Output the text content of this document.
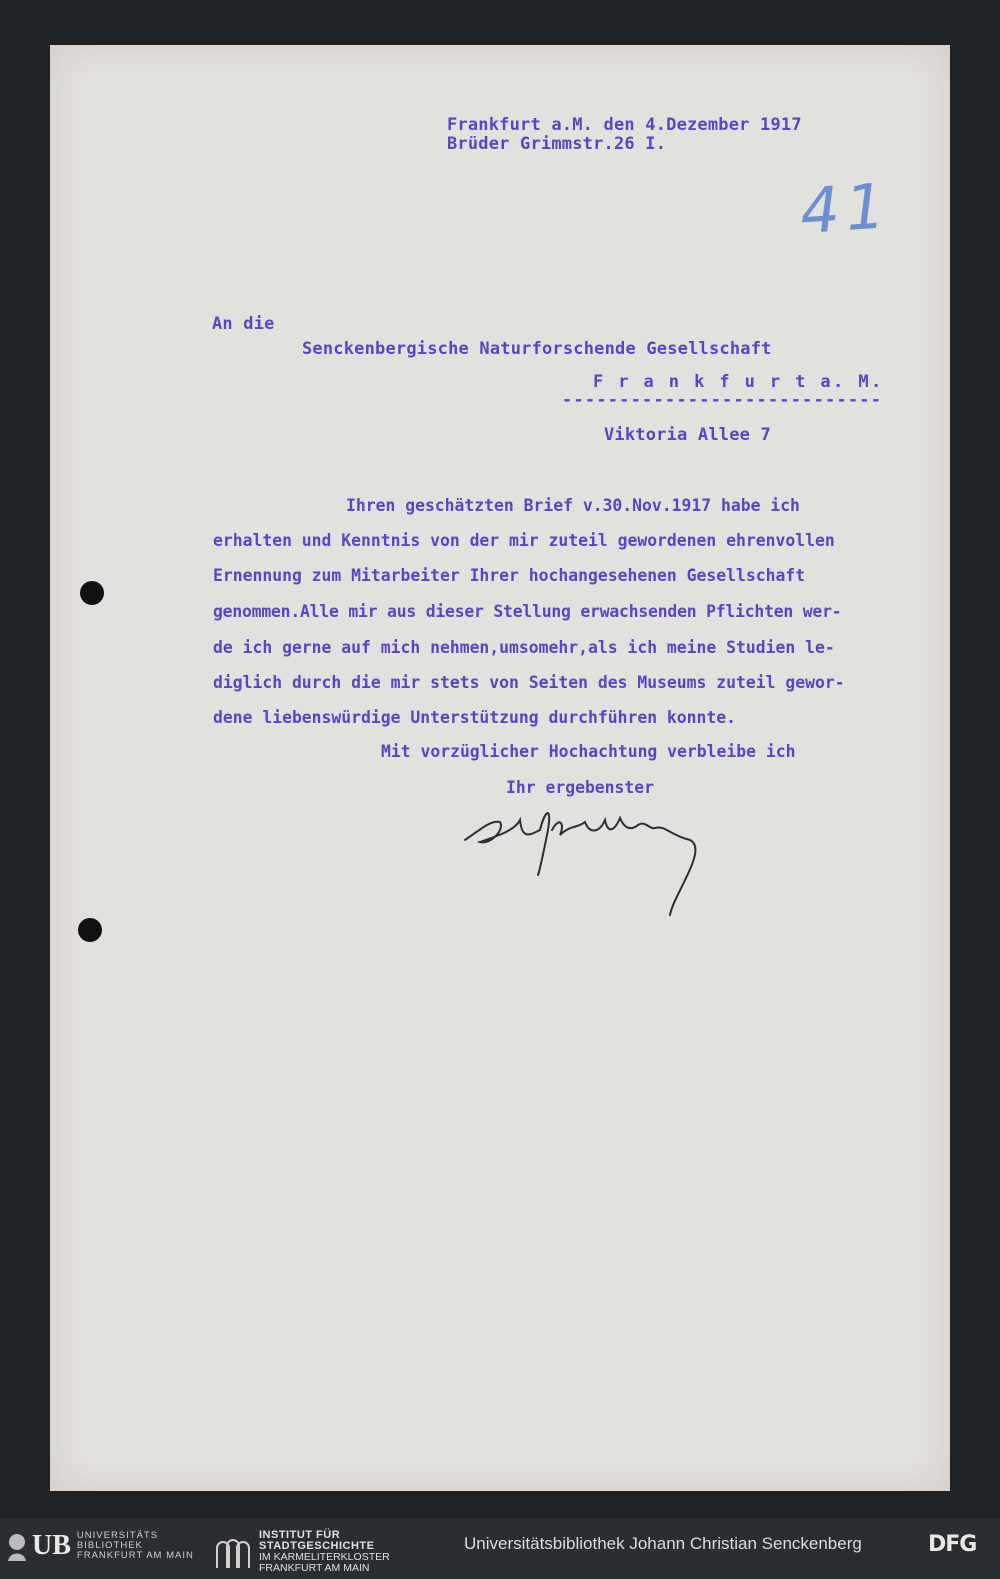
Frankfurt a.M. den 4.Dezember 1917
Brüder Grimmstr.26 I.
41
An die
Senckenbergische Naturforschende Gesellschaft
F r a n k f u r t a. M.
----------------------------
Viktoria Allee 7
Ihren geschätzten Brief v.30.Nov.1917 habe ich
erhalten und Kenntnis von der mir zuteil gewordenen ehrenvollen
Ernennung zum Mitarbeiter Ihrer hochangesehenen Gesellschaft
genommen.Alle mir aus dieser Stellung erwachsenden Pflichten wer-
de ich gerne auf mich nehmen,umsomehr,als ich meine Studien le-
diglich durch die mir stets von Seiten des Museums zuteil gewor-
dene liebenswürdige Unterstützung durchführen konnte.
Mit vorzüglicher Hochachtung verbleibe ich
Ihr ergebenster
UB UNIVERSITÄTS
BIBLIOTHEK
FRANKFURT AM MAIN
INSTITUT FÜR
STADTGESCHICHTE
IM KARMELITERKLOSTER
FRANKFURT AM MAIN
Universitätsbibliothek Johann Christian Senckenberg	DFG
